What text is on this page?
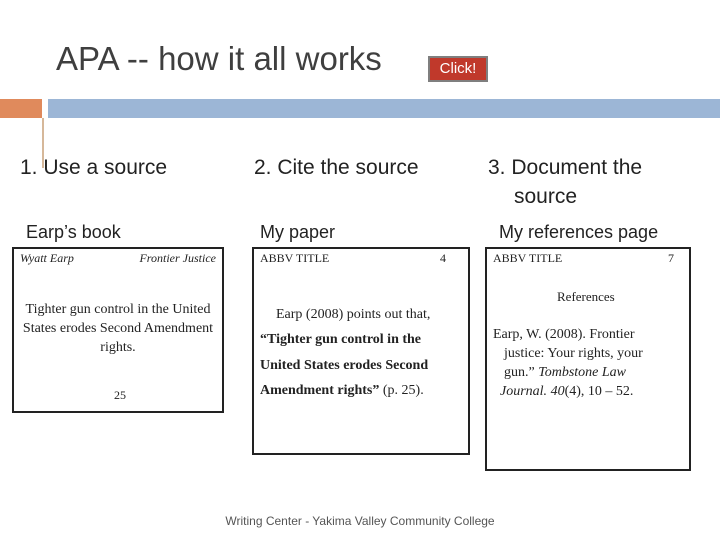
APA -- how it all works	Click!
1. Use a source	2. Cite the source	3. Document the
source
Earp’s book	My paper	My references page
Wyatt Earp	Frontier Justice
Tighter gun control in the United States erodes Second Amendment rights.
25
ABBV TITLE	4
Earp (2008) points out that,
“Tighter gun control in the
United States erodes Second
Amendment rights” (p. 25).
ABBV TITLE	7
References
Earp, W. (2008). Frontier
justice: Your rights, your
gun.” Tombstone Law
Journal. 40(4), 10 – 52.
Writing Center - Yakima Valley Community College
